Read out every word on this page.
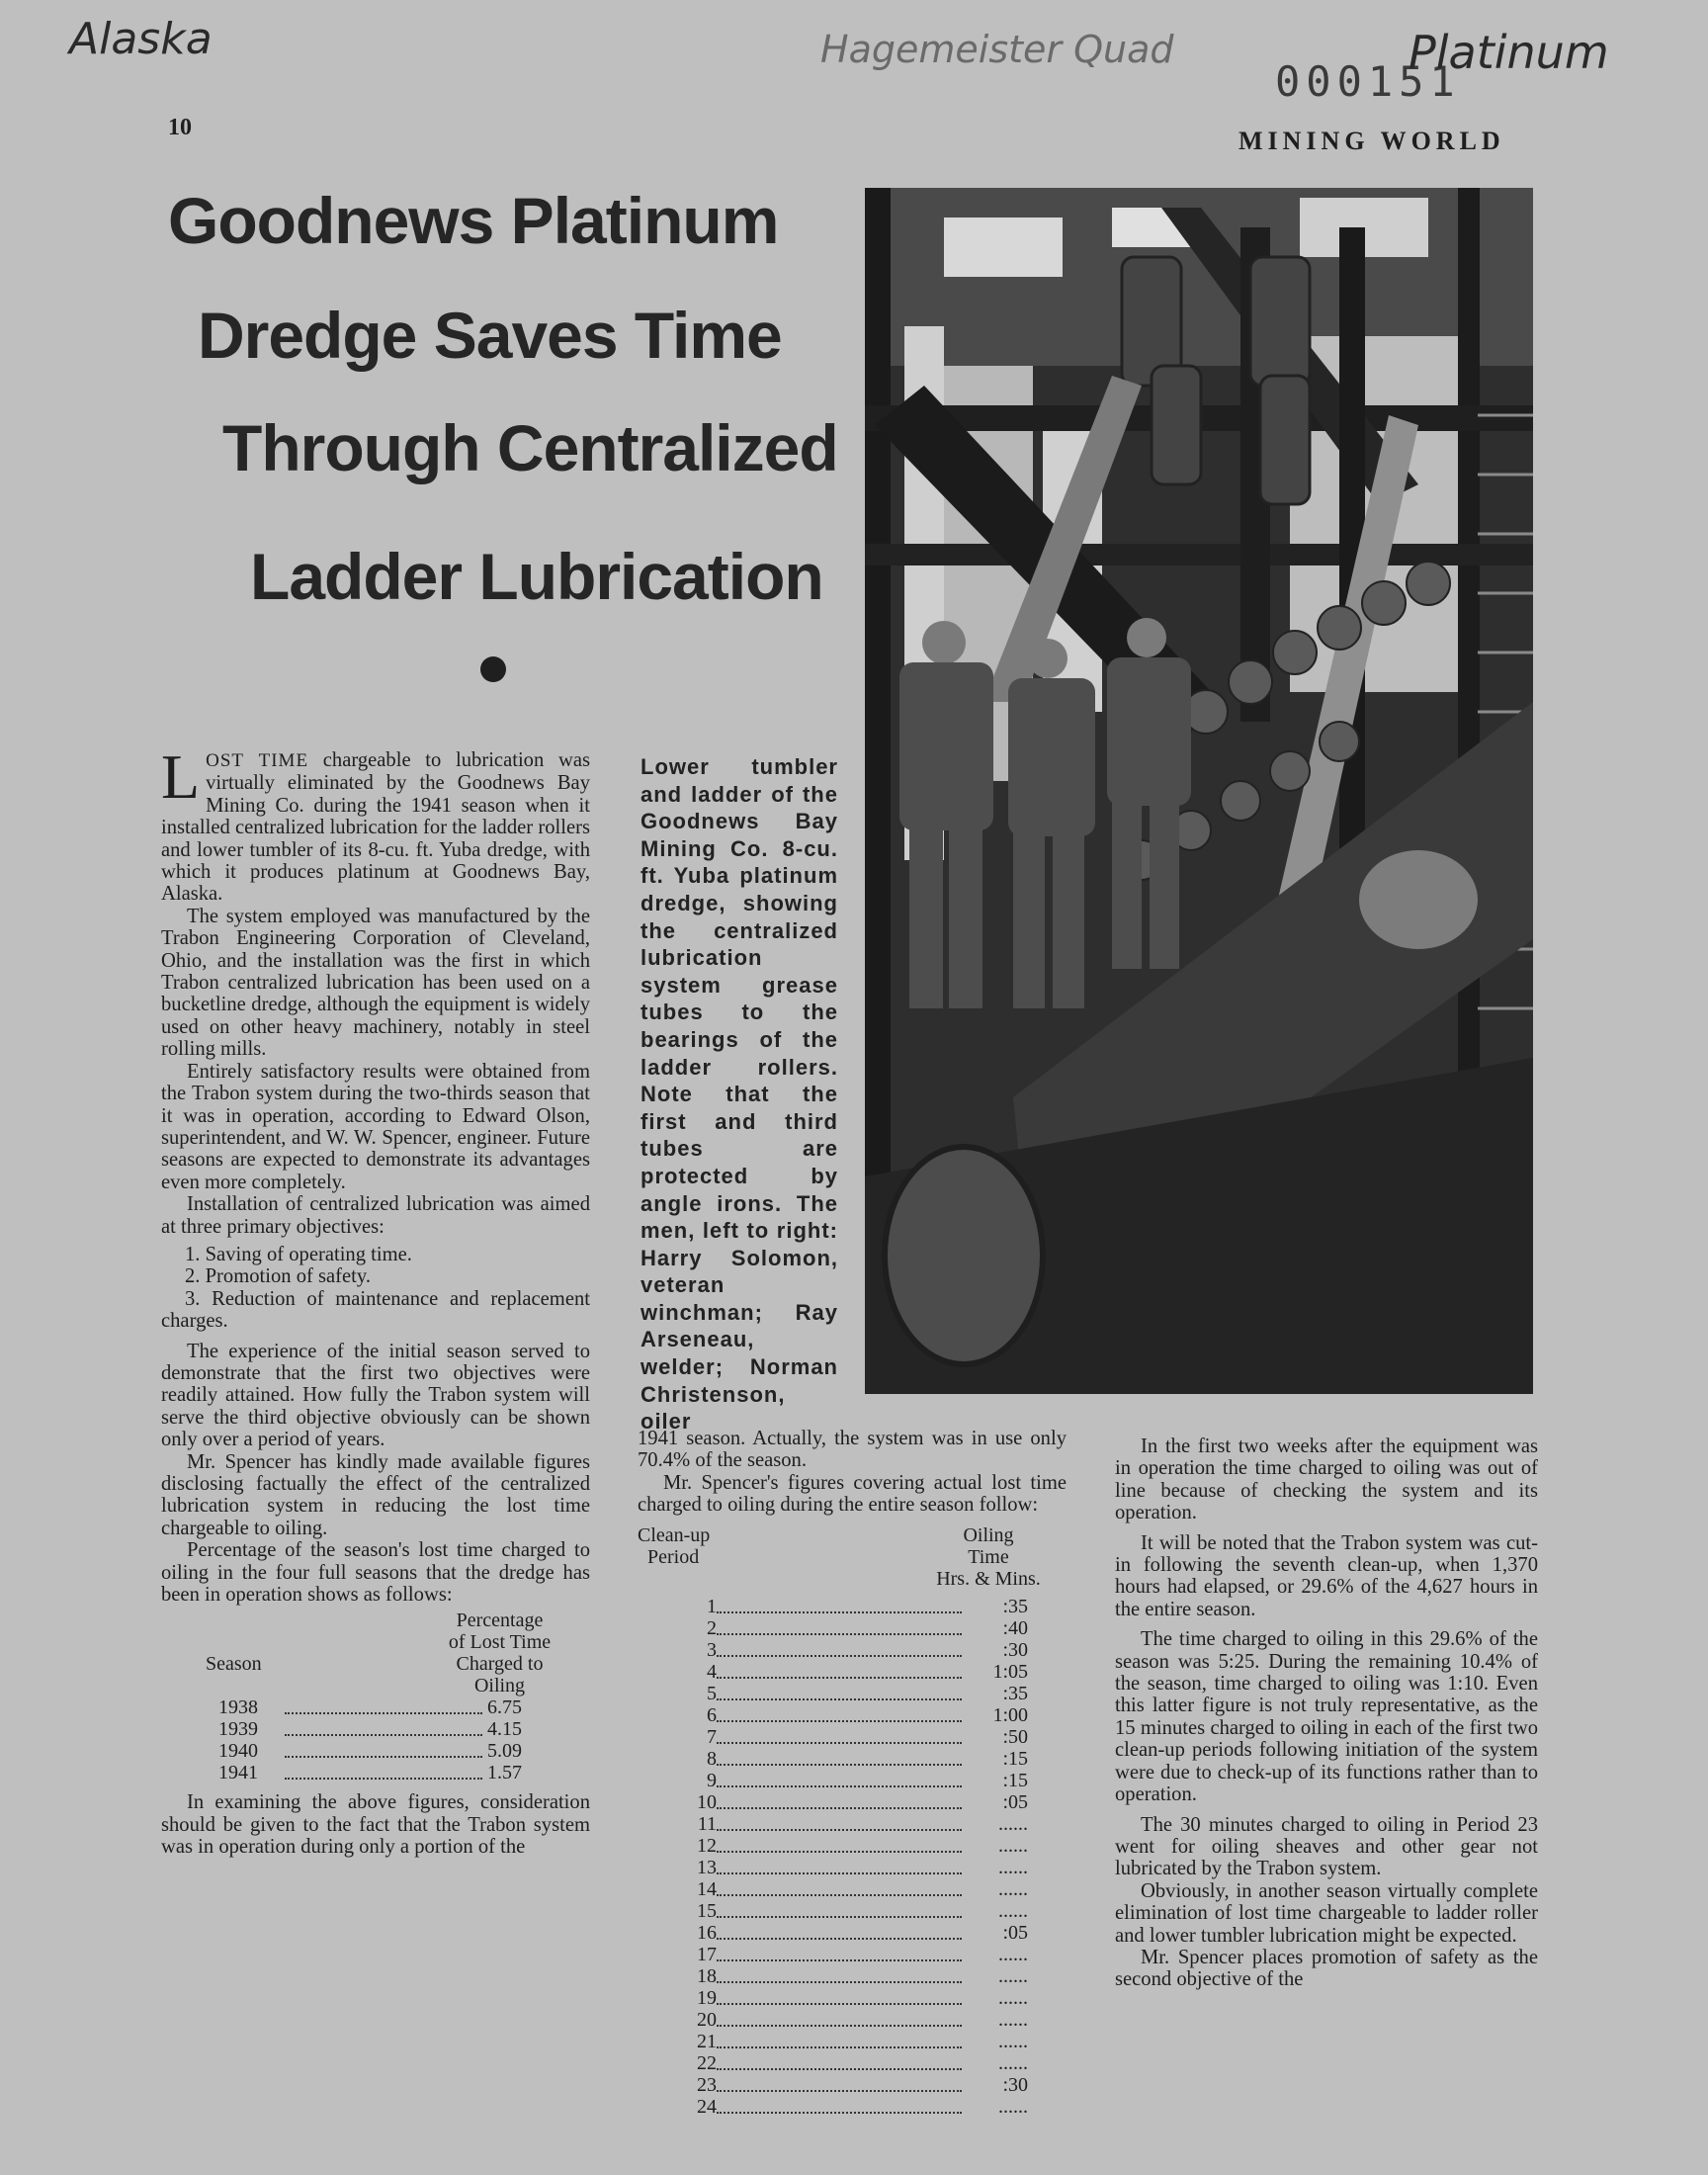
Alaska	Hagemeister Quad
000151
Platinum
10	MINING WORLD
Goodnews Platinum
Dredge Saves Time
Through Centralized
Ladder Lubrication
Lower tumbler and ladder of the Goodnews Bay Mining Co. 8-cu. ft. Yuba platinum dredge, showing the centralized lubrication system grease tubes to the bearings of the ladder rollers. Note that the first and third tubes are protected by angle irons. The men, left to right: Harry Solomon, veteran winchman; Ray Arseneau, welder; Norman Christenson, oiler

LOST TIME chargeable to lubrication was virtually eliminated by the Goodnews Bay Mining Co. during the 1941 season when it installed centralized lubrication for the ladder rollers and lower tumbler of its 8-cu. ft. Yuba dredge, with which it produces platinum at Goodnews Bay, Alaska.

The system employed was manufactured by the Trabon Engineering Corporation of Cleveland, Ohio, and the installation was the first in which Trabon centralized lubrication has been used on a bucketline dredge, although the equipment is widely used on other heavy machinery, notably in steel rolling mills.

Entirely satisfactory results were obtained from the Trabon system during the two-thirds season that it was in operation, according to Edward Olson, superintendent, and W. W. Spencer, engineer. Future seasons are expected to demonstrate its advantages even more completely.

Installation of centralized lubrication was aimed at three primary objectives:

1. Saving of operating time.
2. Promotion of safety.
3. Reduction of maintenance and replacement charges.

The experience of the initial season served to demonstrate that the first two objectives were readily attained. How fully the Trabon system will serve the third objective obviously can be shown only over a period of years.

Mr. Spencer has kindly made available figures disclosing factually the effect of the centralized lubrication system in reducing the lost time chargeable to oiling.

Percentage of the season's lost time charged to oiling in the four full seasons that the dredge has been in operation shows as follows:

Season
Percentage
of Lost Time
Charged to
Oiling
1938	6.75
1939	4.15
1940	5.09
1941	1.57

In examining the above figures, consideration should be given to the fact that the Trabon system was in operation during only a portion of the

1941 season. Actually, the system was in use only 70.4% of the season.

Mr. Spencer's figures covering actual lost time charged to oiling during the entire season follow:

Clean-up
Period
Oiling
Time
Hrs. & Mins.
1	:35
2	:40
3	:30
4	1:05
5	:35
6	1:00
7	:50
8	:15
9	:15
10	:05
11	......
12	......
13	......
14	......
15	......
16	:05
17	......
18	......
19	......
20	......
21	......
22	......
23	:30
24	......

In the first two weeks after the equipment was in operation the time charged to oiling was out of line because of checking the system and its operation.

It will be noted that the Trabon system was cut-in following the seventh clean-up, when 1,370 hours had elapsed, or 29.6% of the 4,627 hours in the entire season.

The time charged to oiling in this 29.6% of the season was 5:25. During the remaining 10.4% of the season, time charged to oiling was 1:10. Even this latter figure is not truly representative, as the 15 minutes charged to oiling in each of the first two clean-up periods following initiation of the system were due to check-up of its functions rather than to operation.

The 30 minutes charged to oiling in Period 23 went for oiling sheaves and other gear not lubricated by the Trabon system.

Obviously, in another season virtually complete elimination of lost time chargeable to ladder roller and lower tumbler lubrication might be expected.

Mr. Spencer places promotion of safety as the second objective of the
